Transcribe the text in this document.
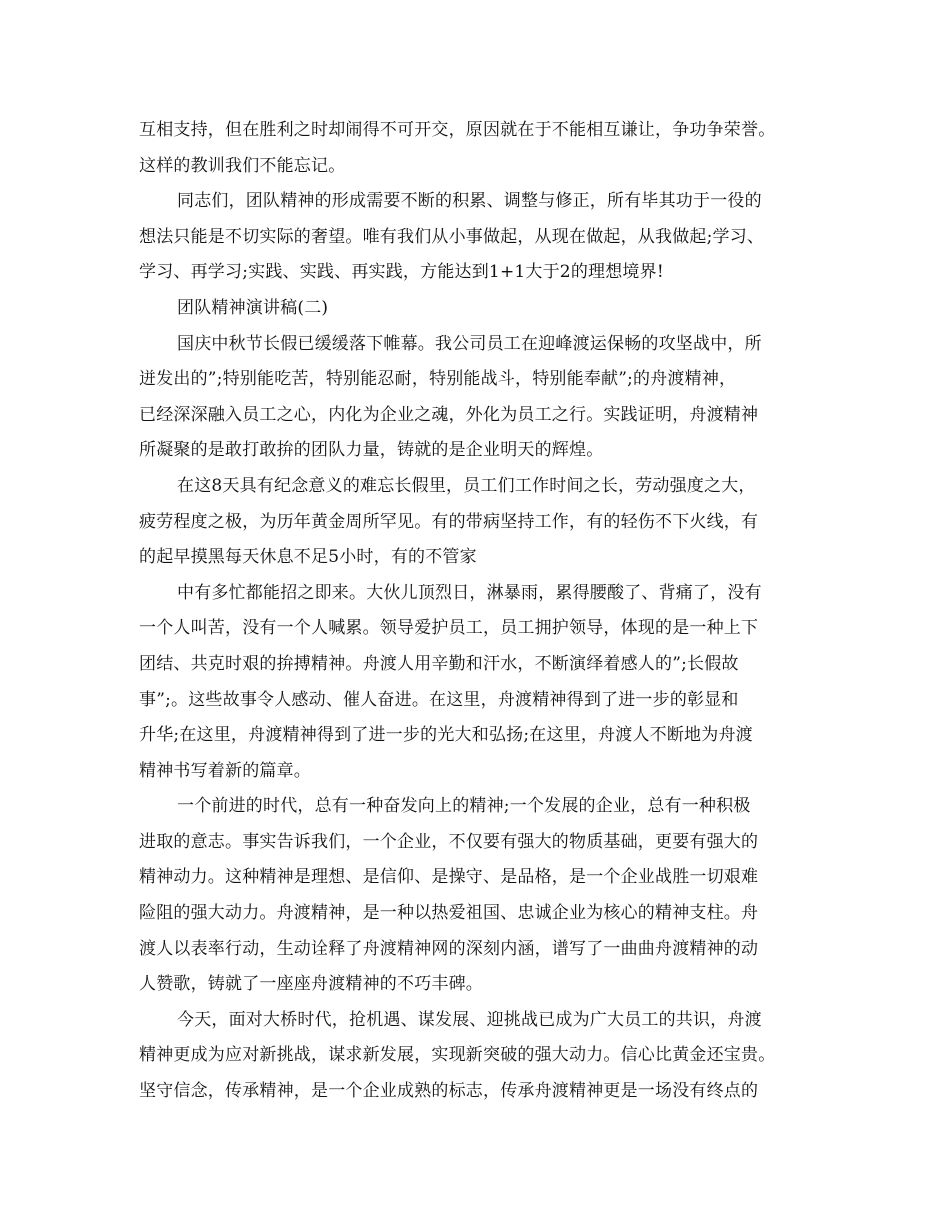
互相支持，但在胜利之时却闹得不可开交，原因就在于不能相互谦让，争功争荣誉。
这样的教训我们不能忘记。
同志们，团队精神的形成需要不断的积累、调整与修正，所有毕其功于一役的
想法只能是不切实际的奢望。唯有我们从小事做起，从现在做起，从我做起;学习、
学习、再学习;实践、实践、再实践，方能达到1+1大于2的理想境界!
团队精神演讲稿(二)
国庆中秋节长假已缓缓落下帷幕。我公司员工在迎峰渡运保畅的攻坚战中，所
迸发出的”;特别能吃苦，特别能忍耐，特别能战斗，特别能奉献”;的舟渡精神，
已经深深融入员工之心，内化为企业之魂，外化为员工之行。实践证明，舟渡精神
所凝聚的是敢打敢拚的团队力量，铸就的是企业明天的辉煌。
在这8天具有纪念意义的难忘长假里，员工们工作时间之长，劳动强度之大，
疲劳程度之极，为历年黄金周所罕见。有的带病坚持工作，有的轻伤不下火线，有
的起早摸黑每天休息不足5小时，有的不管家
中有多忙都能招之即来。大伙儿顶烈日，淋暴雨，累得腰酸了、背痛了，没有
一个人叫苦，没有一个人喊累。领导爱护员工，员工拥护领导，体现的是一种上下
团结、共克时艰的拚搏精神。舟渡人用辛勤和汗水，不断演绎着感人的”;长假故
事”;。这些故事令人感动、催人奋进。在这里，舟渡精神得到了进一步的彰显和
升华;在这里，舟渡精神得到了进一步的光大和弘扬;在这里，舟渡人不断地为舟渡
精神书写着新的篇章。
一个前进的时代，总有一种奋发向上的精神;一个发展的企业，总有一种积极
进取的意志。事实告诉我们，一个企业，不仅要有强大的物质基础，更要有强大的
精神动力。这种精神是理想、是信仰、是操守、是品格，是一个企业战胜一切艰难
险阻的强大动力。舟渡精神，是一种以热爱祖国、忠诚企业为核心的精神支柱。舟
渡人以表率行动，生动诠释了舟渡精神网的深刻内涵，谱写了一曲曲舟渡精神的动
人赞歌，铸就了一座座舟渡精神的不巧丰碑。
今天，面对大桥时代，抢机遇、谋发展、迎挑战已成为广大员工的共识，舟渡
精神更成为应对新挑战，谋求新发展，实现新突破的强大动力。信心比黄金还宝贵。
坚守信念，传承精神，是一个企业成熟的标志，传承舟渡精神更是一场没有终点的
